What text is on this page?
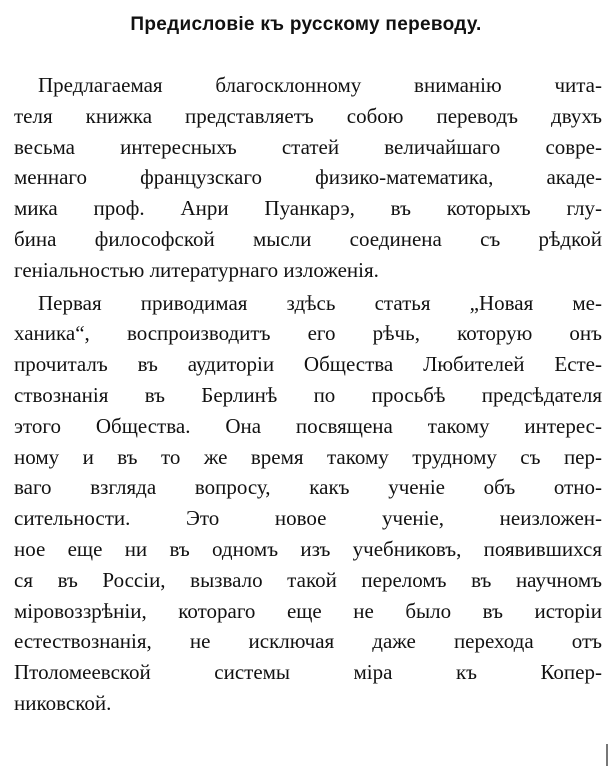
Предисловіе къ русскому переводу.
Предлагаемая благосклонному вниманію чита-
теля книжка представляетъ собою переводъ двухъ
весьма интересныхъ статей величайшаго совре-
меннаго французскаго физико-математика, акаде-
мика проф. Анри Пуанкарэ, въ которыхъ глу-
бина философской мысли соединена съ рѣдкой
геніальностью литературнаго изложенія.
Первая приводимая здѣсь статья „Новая ме-
ханика“, воспроизводитъ его рѣчь, которую онъ
прочиталъ въ аудиторіи Общества Любителей Есте-
ствознанія въ Берлинѣ по просьбѣ предсѣдателя
этого Общества. Она посвящена такому интерес-
ному и въ то же время такому трудному съ пер-
ваго взгляда вопросу, какъ ученіе объ отно-
сительности. Это новое ученіе, неизложен-
ное еще ни въ одномъ изъ учебниковъ, появившихся
ся въ Россіи, вызвало такой переломъ въ научномъ
міровоззрѣніи, котораго еще не было въ исторіи
естествознанія, не исключая даже перехода отъ
Птоломеевской системы міра къ Копер-
никовской.
